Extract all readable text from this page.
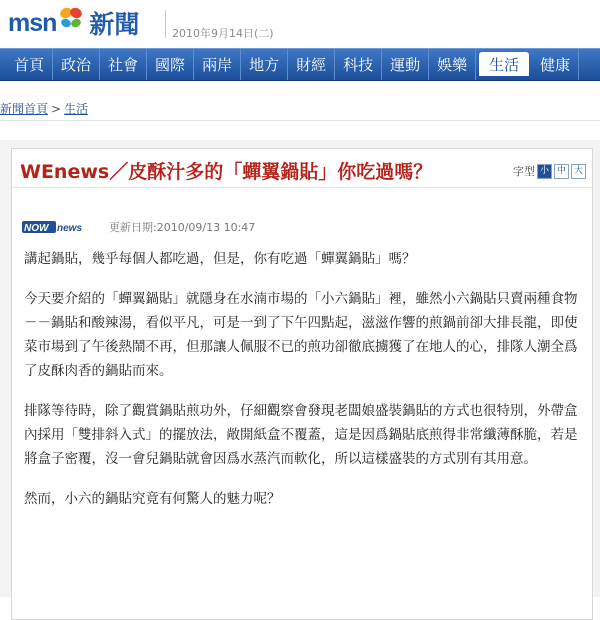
msn 新聞	2010年9月14日(二)
首頁	政治	社會	國際	兩岸	地方	財經	科技	運動	娛樂	生活	健康
新聞首頁 > 生活
WEnews／皮酥汁多的「蟬翼鍋貼」你吃過嗎？	字型 小 中 大
NOW news 更新日期:2010/09/13 10:47

講起鍋貼，幾乎每個人都吃過，但是，你有吃過「蟬翼鍋貼」嗎？

今天要介紹的「蟬翼鍋貼」就隱身在水湳市場的「小六鍋貼」裡，雖然小六鍋貼只賣兩種食物－－鍋貼和酸辣湯，看似平凡，可是一到了下午四點起，滋滋作響的煎鍋前卻大排長龍，即使菜市場到了午後熱鬧不再，但那讓人佩服不已的煎功卻徹底擄獲了在地人的心，排隊人潮全爲了皮酥肉香的鍋貼而來。

排隊等待時，除了觀賞鍋貼煎功外，仔細觀察會發現老闆娘盛裝鍋貼的方式也很特別，外帶盒內採用「雙排斜入式」的擺放法，敞開紙盒不覆蓋，這是因爲鍋貼底煎得非常纖薄酥脆，若是將盒子密覆，沒一會兒鍋貼就會因爲水蒸汽而軟化，所以這樣盛裝的方式別有其用意。

然而，小六的鍋貼究竟有何驚人的魅力呢？
